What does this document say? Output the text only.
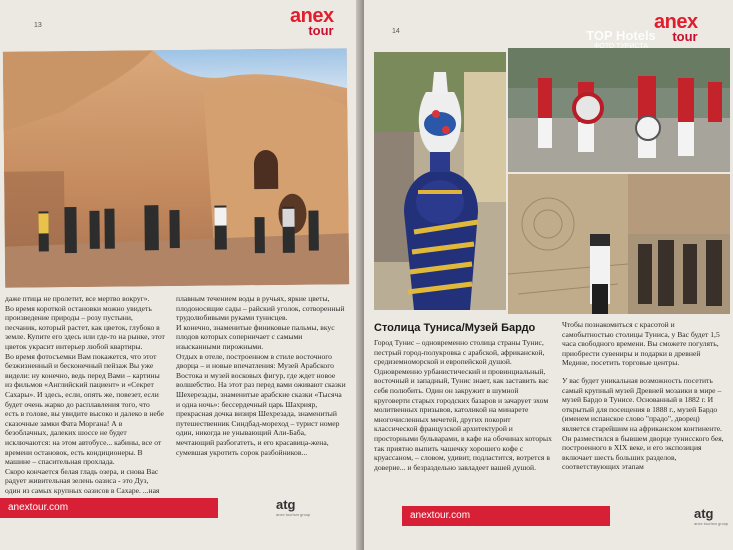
13	anex
tour

даже птица не пролетит, все мертво вокруг».

Во время короткой остановки можно увидеть произведение природы – розу пустыни, песчаник, который растет, как цветок, глубоко в земле. Купите его здесь или где-то на рынке, этот цветок украсит интерьер любой квартиры.

Во время фотосъемки Вам покажется, что этот безжизненный и бесконечный пейзаж Вы уже видели: ну конечно, ведь перед Вами – картины из фильмов «Английский пациент» и «Секрет Сахары». И здесь, если, опять же, повезет, если будет очень жарко до расплавления того, что есть в голове, вы увидите высоко и далеко в небе сказочные замки Фата Моргана! А в безоблачных, далеких шоссе не будет исключаются: на этом автобусе... кабины, все от времени остановок, есть кондиционеры. В машине – спасительная прохлада.

Скоро кончается белая гладь озера, и снова Вас радует живительная зелень оазиса - это Дуз, один из самых крупных оазисов в Сахаре. ...ная

плавным течением воды в ручьях, яркие цветы, плодоносящие сады – райский уголок, сотворенный трудолюбивыми руками тунисцев.

И конечно, знаменитые финиковые пальмы, вкус плодов которых соперничает с самыми изысканными пирожными.

Отдых в отеле, построенном в стиле восточного дворца – и новые впечатления: Музей Арабского Востока и музей восковых фигур, где ждет новое волшебство. На этот раз перед вами оживают сказки Шехерезады, знаменитые арабские сказки «Тысяча и одна ночь»: бессердечный царь Шахрияр, прекрасная дочка визиря Шехрезада, знаменитый путешественник Синдбад-мореход – турист номер один, никогда не унывающий Али-Баба, мечтающий разбогатеть, и его красавица-жена, сумевшая укротить сорок разбойников...

anextour.com	atg
anex tourism group
14	anex
tour
TOP Hotels
ФОТО ТУРИСТА
Столица Туниса/Музей Бардо

Город Тунис – одновременно столица страны Тунис, пестрый город-полукровка с арабской, африканской, средиземноморской и европейской душой. Одновременно урбанистический и провинциальный, восточный и западный, Тунис знает, как заставить вас себя полюбить. Один он закружит в шумной круговерти старых городских базаров и зачарует эхом молитвенных призывов, католикой на минарете многочисленных мечетей, других покорит классической французской архитектурой и просторными бульварами, в кафе на обочинах которых так приятно выпить чашечку хорошего кофе с круассаном, – словом, удивит, подластится, вотрется в доверие... и безраздельно завладеет вашей душой.

Чтобы познакомиться с красотой и самобытностью столицы Туниса, у Вас будет 1,5 часа свободного времени. Вы сможете погулять, приобрести сувениры и подарки в древней Медине, посетить торговые центры.

У вас будет уникальная возможность посетить самый крупный музей Древней мозаики в мире – музей Бардо в Тунисе. Основанный в 1882 г. И открытый для посещения в 1888 г., музей Бардо (именем испанское слово "прадо", дворец) является старейшим на африканском континенте. Он разместился в бывшем дворце тунисского бея, построенного в XIX веке, и его экспозиция включает шесть больших разделов, соответствующих этапам

anextour.com	atg
anex tourism group
